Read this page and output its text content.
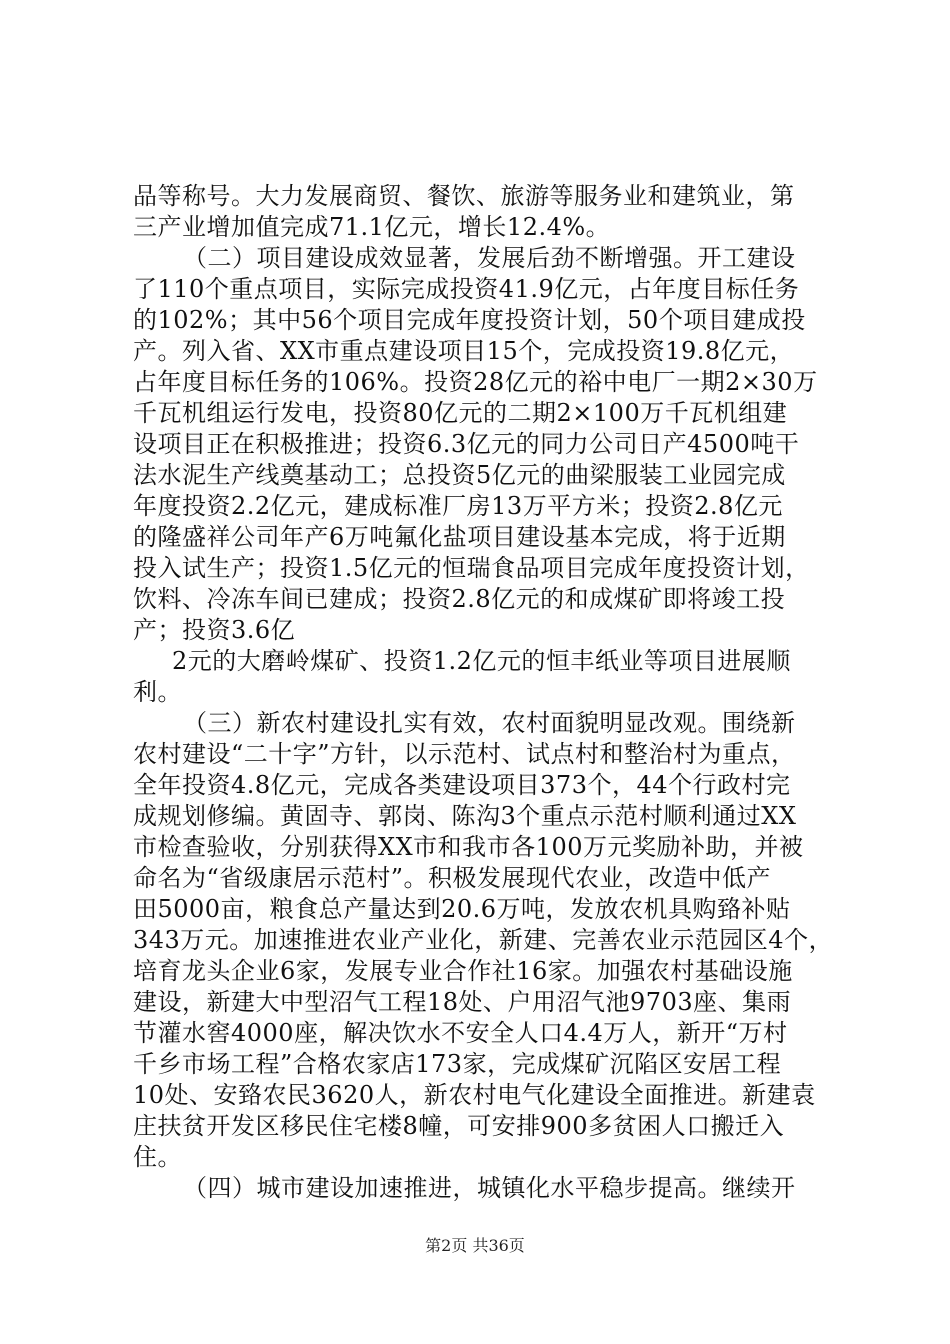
品等称号。大力发展商贸、餐饮、旅游等服务业和建筑业，第
三产业增加值完成71.1亿元，增长12.4%。
（二）项目建设成效显著，发展后劲不断增强。开工建设
了110个重点项目，实际完成投资41.9亿元，占年度目标任务
的102%；其中56个项目完成年度投资计划，50个项目建成投
产。列入省、XX市重点建设项目15个，完成投资19.8亿元，
占年度目标任务的106%。投资28亿元的裕中电厂一期2×30万
千瓦机组运行发电，投资80亿元的二期2×100万千瓦机组建
设项目正在积极推进；投资6.3亿元的同力公司日产4500吨干
法水泥生产线奠基动工；总投资5亿元的曲梁服装工业园完成
年度投资2.2亿元，建成标准厂房13万平方米；投资2.8亿元
的隆盛祥公司年产6万吨氟化盐项目建设基本完成，将于近期
投入试生产；投资1.5亿元的恒瑞食品项目完成年度投资计划，
饮料、冷冻车间已建成；投资2.8亿元的和成煤矿即将竣工投
产；投资3.6亿
2元的大磨岭煤矿、投资1.2亿元的恒丰纸业等项目进展顺
利。
（三）新农村建设扎实有效，农村面貌明显改观。围绕新
农村建设“二十字”方针，以示范村、试点村和整治村为重点，
全年投资4.8亿元，完成各类建设项目373个，44个行政村完
成规划修编。黄固寺、郭岗、陈沟3个重点示范村顺利通过XX
市检查验收，分别获得XX市和我市各100万元奖励补助，并被
命名为“省级康居示范村”。积极发展现代农业，改造中低产
田5000亩，粮食总产量达到20.6万吨，发放农机具购臵补贴
343万元。加速推进农业产业化，新建、完善农业示范园区4个，
培育龙头企业6家，发展专业合作社16家。加强农村基础设施
建设，新建大中型沼气工程18处、户用沼气池9703座、集雨
节灌水窖4000座，解决饮水不安全人口4.4万人，新开“万村
千乡市场工程”合格农家店173家，完成煤矿沉陷区安居工程
10处、安臵农民3620人，新农村电气化建设全面推进。新建袁
庄扶贫开发区移民住宅楼8幢，可安排900多贫困人口搬迁入
住。
（四）城市建设加速推进，城镇化水平稳步提高。继续开
第2页 共36页
